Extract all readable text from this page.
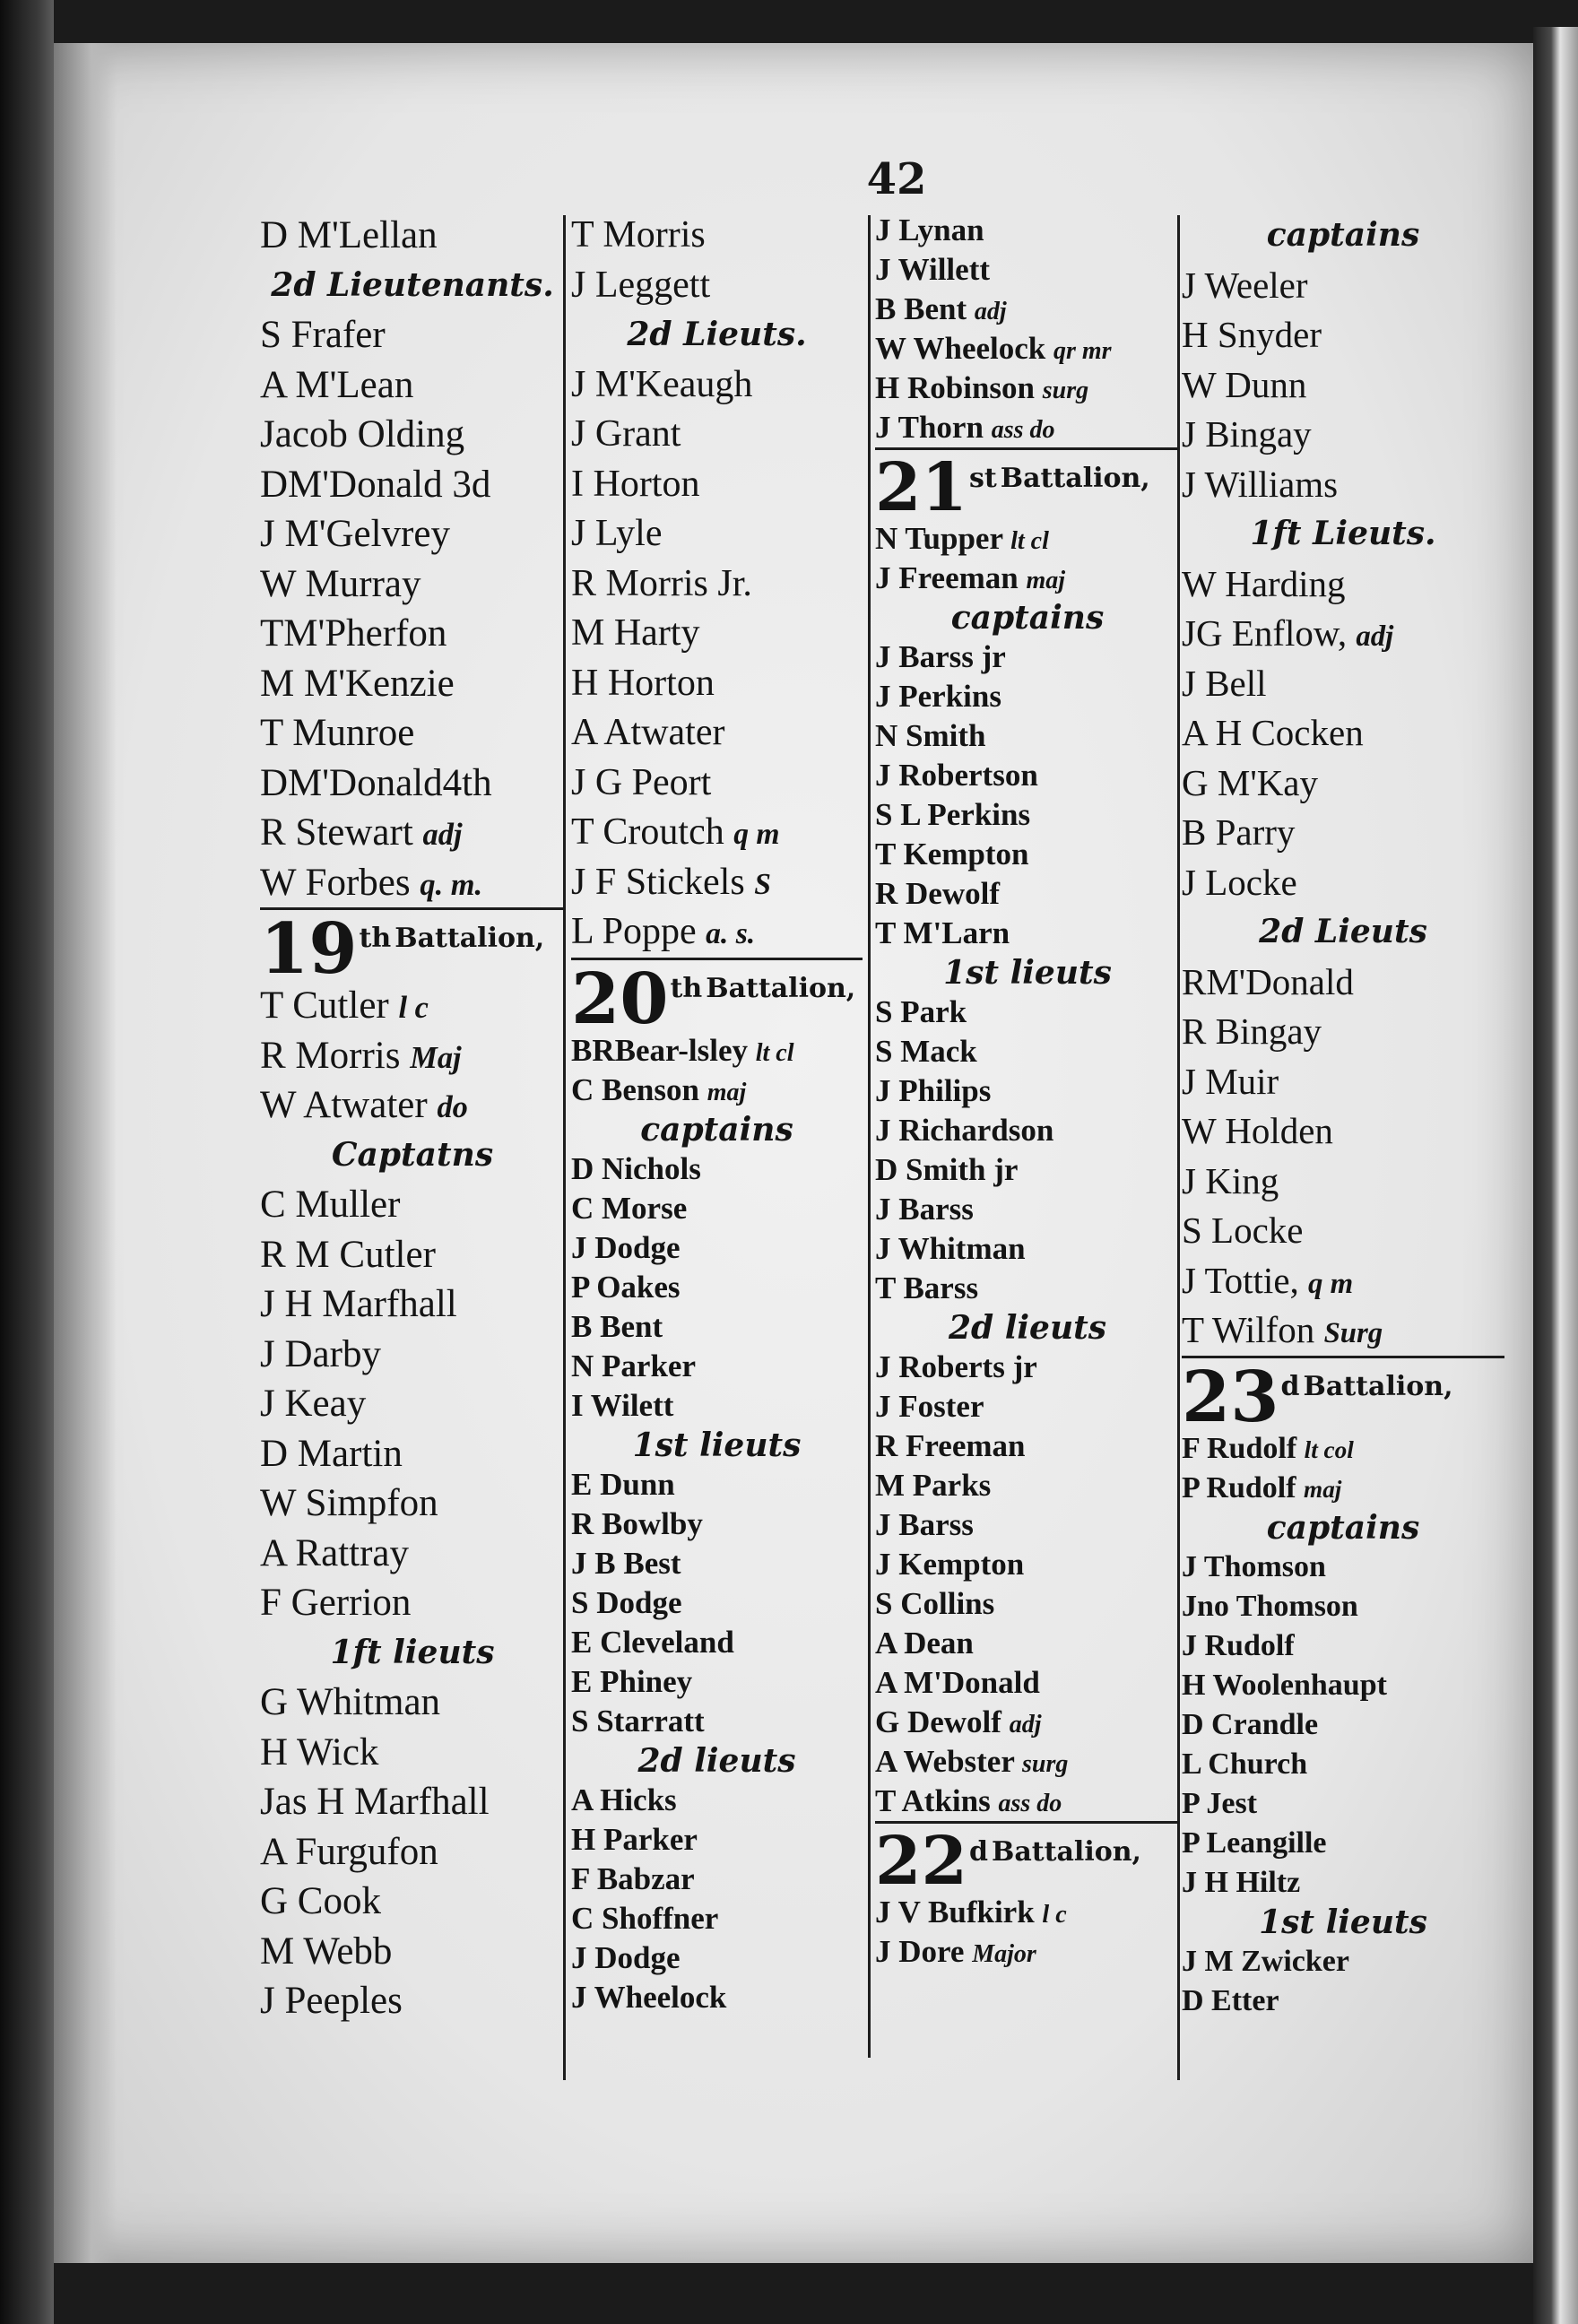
42
D M'Lellan
2d Lieutenants.
S Frafer
A M'Lean
Jacob Olding
DM'Donald 3d
J M'Gelvrey
W Murray
TM'Pherfon
M M'Kenzie
T Munroe
DM'Donald4th
R Stewart adj
W Forbes q. m.
19 th Battalion,
T Cutler l c
R Morris Maj
W Atwater do
Captatns
C Muller
R M Cutler
J H Marfhall
J Darby
J Keay
D Martin
W Simpfon
A Rattray
F Gerrion
1ft lieuts
G Whitman
H Wick
Jas H Marfhall
A Furgufon
G Cook
M Webb
J Peeples
T Morris
J Leggett
2d Lieuts.
J M'Keaugh
J Grant
I Horton
J Lyle
R Morris Jr.
M Harty
H Horton
A Atwater
J G Peort
T Croutch q m
J F Stickels S
L Poppe a. s.
20 th Battalion,
BRBear-lsley lt cl
C Benson maj
captains
D Nichols
C Morse
J Dodge
P Oakes
B Bent
N Parker
I Wilett
1st lieuts
E Dunn
R Bowlby
J B Best
S Dodge
E Cleveland
E Phiney
S Starratt
2d lieuts
A Hicks
H Parker
F Babzar
C Shoffner
J Dodge
J Wheelock
J Lynan
J Willett
B Bent adj
W Wheelock qr mr
H Robinson surg
J Thorn ass do
21 st Battalion,
N Tupper lt cl
J Freeman maj
captains
J Barss jr
J Perkins
N Smith
J Robertson
S L Perkins
T Kempton
R Dewolf
T M'Larn
1st lieuts
S Park
S Mack
J Philips
J Richardson
D Smith jr
J Barss
J Whitman
T Barss
2d lieuts
J Roberts jr
J Foster
R Freeman
M Parks
J Barss
J Kempton
S Collins
A Dean
A M'Donald
G Dewolf adj
A Webster surg
T Atkins ass do
22 d Battalion,
J V Bufkirk l c
J Dore Major
captains
J Weeler
H Snyder
W Dunn
J Bingay
J Williams
1ft Lieuts.
W Harding
JG Enflow, adj
J Bell
A H Cocken
G M'Kay
B Parry
J Locke
2d Lieuts
RM'Donald
R Bingay
J Muir
W Holden
J King
S Locke
J Tottie, q m
T Wilfon Surg
23 d Battalion,
F Rudolf lt col
P Rudolf maj
captains
J Thomson
Jno Thomson
J Rudolf
H Woolenhaupt
D Crandle
L Church
P Jest
P Leangille
J H Hiltz
1st lieuts
J M Zwicker
D Etter
